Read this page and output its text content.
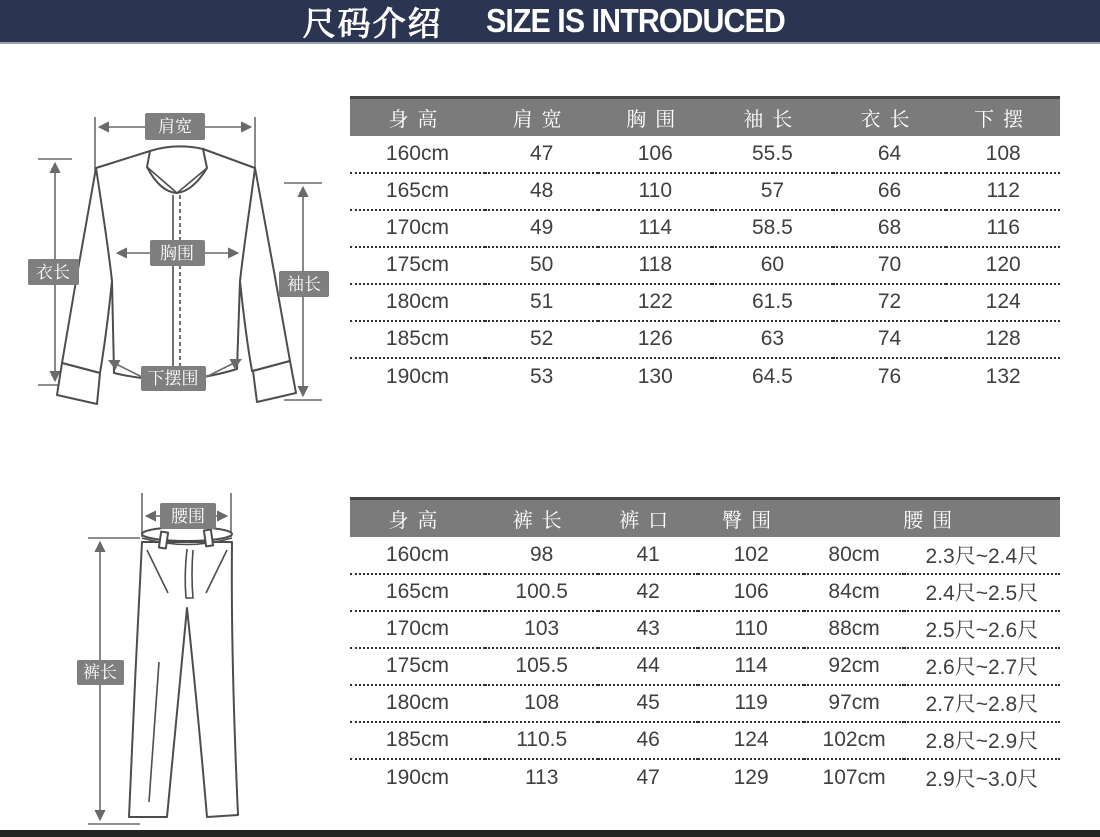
尺码介绍 SIZE IS INTRODUCED
肩宽
胸围
下摆围
衣长
袖长
腰围
裤长
身高	肩宽	胸围	袖长	衣长	下摆
160cm	47	106	55.5	64	108
165cm	48	110	57	66	112
170cm	49	114	58.5	68	116
175cm	50	118	60	70	120
180cm	51	122	61.5	72	124
185cm	52	126	63	74	128
190cm	53	130	64.5	76	132
身高	裤长	裤口	臀围	腰围	
160cm	98	41	102	80cm	2.3尺~2.4尺
165cm	100.5	42	106	84cm	2.4尺~2.5尺
170cm	103	43	110	88cm	2.5尺~2.6尺
175cm	105.5	44	114	92cm	2.6尺~2.7尺
180cm	108	45	119	97cm	2.7尺~2.8尺
185cm	110.5	46	124	102cm	2.8尺~2.9尺
190cm	113	47	129	107cm	2.9尺~3.0尺
